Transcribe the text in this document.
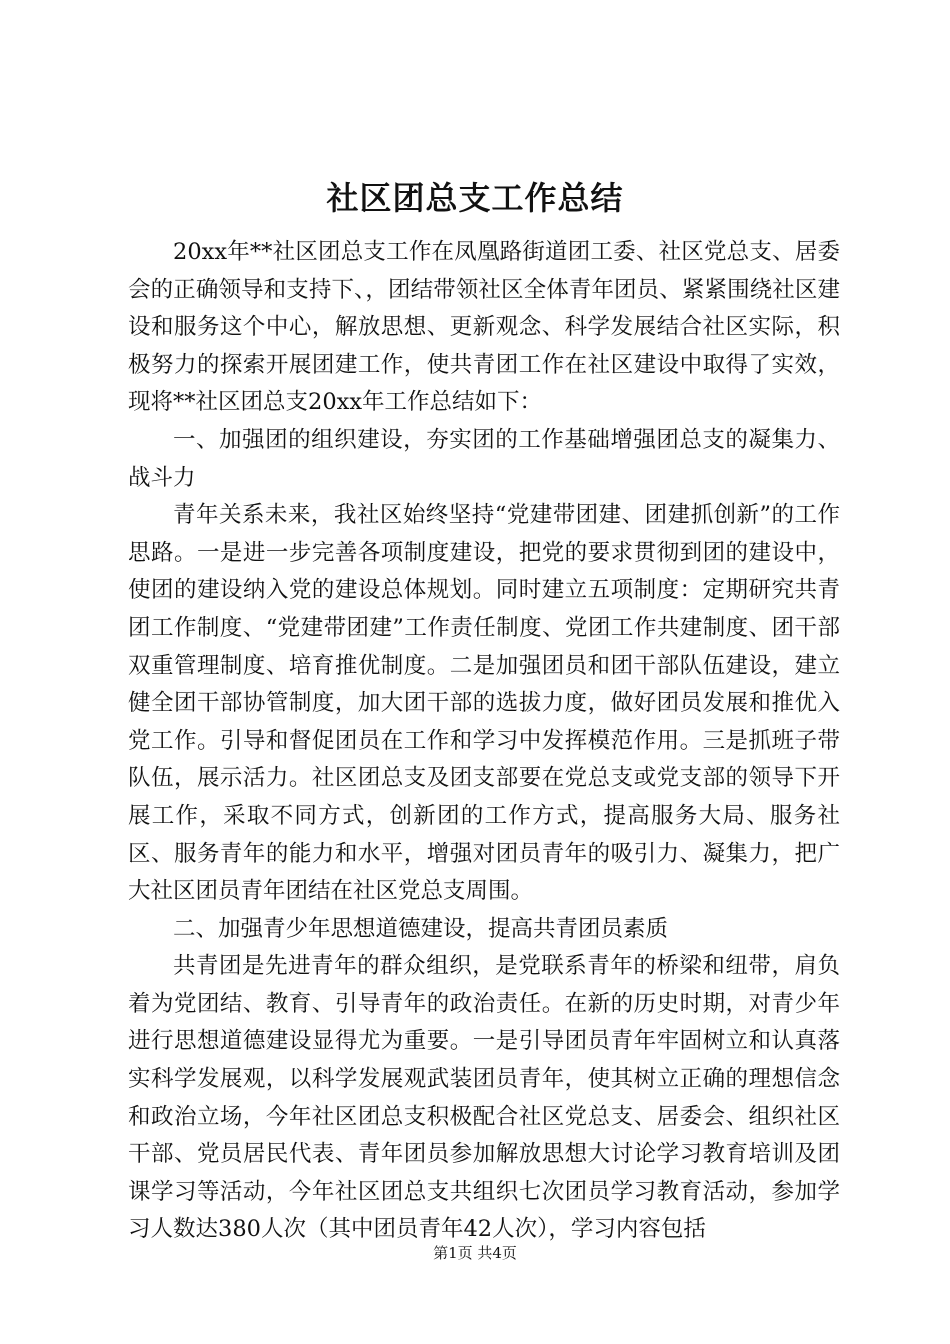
社区团总支工作总结

20xx年**社区团总支工作在凤凰路街道团工委、社区党总支、居委会的正确领导和支持下、，团结带领社区全体青年团员、紧紧围绕社区建设和服务这个中心，解放思想、更新观念、科学发展结合社区实际，积极努力的探索开展团建工作，使共青团工作在社区建设中取得了实效，现将**社区团总支20xx年工作总结如下：

一、加强团的组织建设，夯实团的工作基础增强团总支的凝集力、战斗力

青年关系未来，我社区始终坚持“党建带团建、团建抓创新”的工作思路。一是进一步完善各项制度建设，把党的要求贯彻到团的建设中，使团的建设纳入党的建设总体规划。同时建立五项制度：定期研究共青团工作制度、“党建带团建”工作责任制度、党团工作共建制度、团干部双重管理制度、培育推优制度。二是加强团员和团干部队伍建设，建立健全团干部协管制度，加大团干部的选拔力度，做好团员发展和推优入党工作。引导和督促团员在工作和学习中发挥模范作用。三是抓班子带队伍，展示活力。社区团总支及团支部要在党总支或党支部的领导下开展工作，采取不同方式，创新团的工作方式，提高服务大局、服务社区、服务青年的能力和水平，增强对团员青年的吸引力、凝集力，把广大社区团员青年团结在社区党总支周围。

二、加强青少年思想道德建设，提高共青团员素质

共青团是先进青年的群众组织，是党联系青年的桥梁和纽带，肩负着为党团结、教育、引导青年的政治责任。在新的历史时期，对青少年进行思想道德建设显得尤为重要。一是引导团员青年牢固树立和认真落实科学发展观，以科学发展观武装团员青年，使其树立正确的理想信念和政治立场，今年社区团总支积极配合社区党总支、居委会、组织社区干部、党员居民代表、青年团员参加解放思想大讨论学习教育培训及团课学习等活动，今年社区团总支共组织七次团员学习教育活动，参加学习人数达380人次（其中团员青年42人次），学习内容包括

第1页 共4页
